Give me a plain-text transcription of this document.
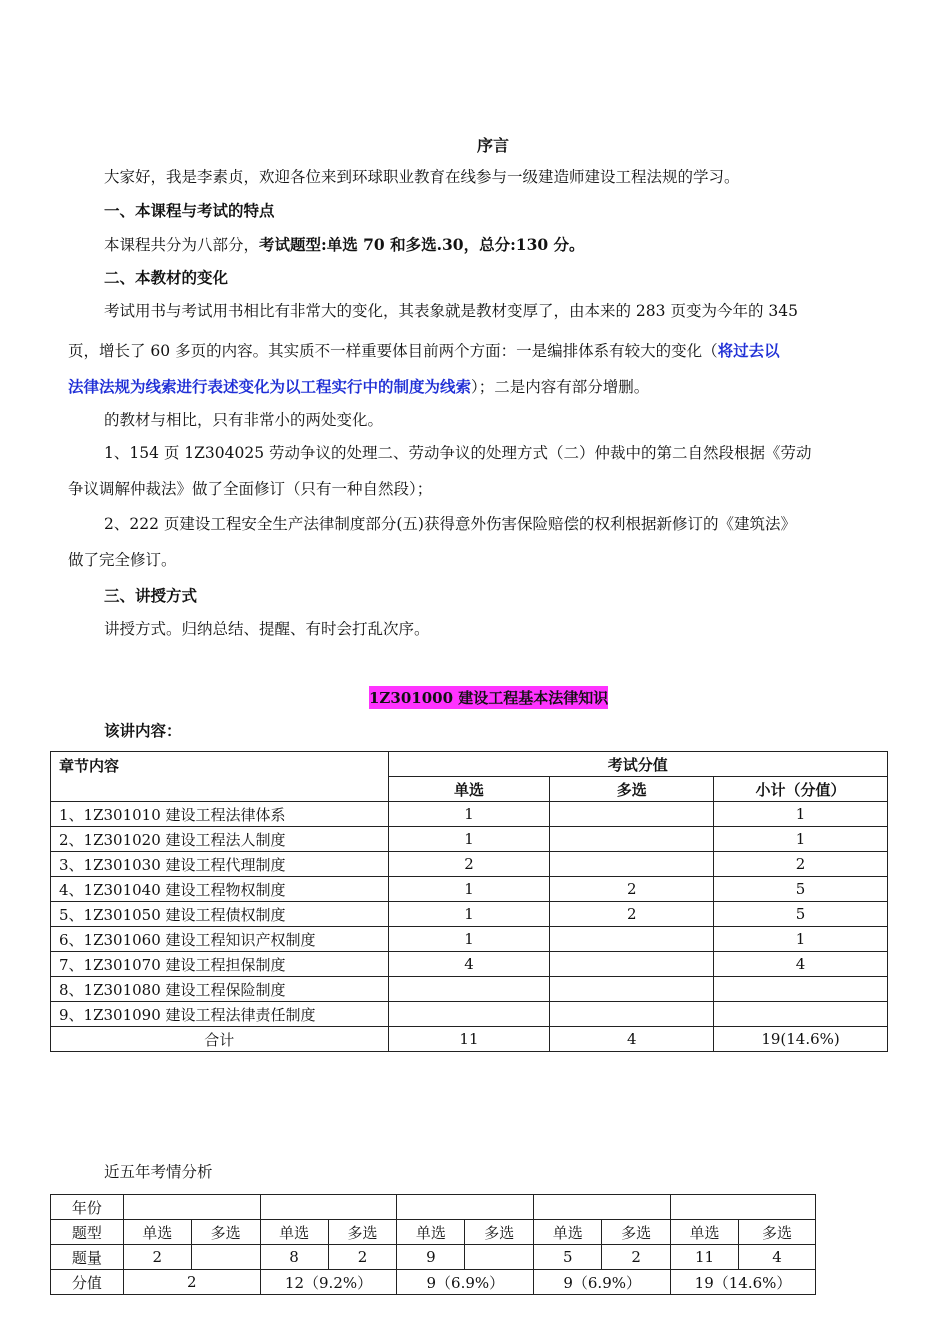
序言
大家好，我是李素贞，欢迎各位来到环球职业教育在线参与一级建造师建设工程法规的学习。
一、本课程与考试的特点
本课程共分为八部分，考试题型:单选 70 和多选.30，总分:130 分。
二、本教材的变化
考试用书与考试用书相比有非常大的变化，其表象就是教材变厚了，由本来的 283 页变为今年的 345
页，增长了 60 多页的内容。其实质不一样重要体目前两个方面：一是编排体系有较大的变化（将过去以
法律法规为线索进行表述变化为以工程实行中的制度为线索）；二是内容有部分增删。
的教材与相比，只有非常小的两处变化。
1、154 页 1Z304025 劳动争议的处理二、劳动争议的处理方式（二）仲裁中的第二自然段根据《劳动
争议调解仲裁法》做了全面修订（只有一种自然段）；
2、222 页建设工程安全生产法律制度部分(五)获得意外伤害保险赔偿的权利根据新修订的《建筑法》
做了完全修订。
三、讲授方式
讲授方式。归纳总结、提醒、有时会打乱次序。
1Z301000 建设工程基本法律知识
该讲内容：
章节内容	考试分值		
	单选	多选	小计（分值）
1、1Z301010 建设工程法律体系	1		1
2、1Z301020 建设工程法人制度	1		1
3、1Z301030 建设工程代理制度	2		2
4、1Z301040 建设工程物权制度	1	2	5
5、1Z301050 建设工程债权制度	1	2	5
6、1Z301060 建设工程知识产权制度	1		1
7、1Z301070 建设工程担保制度	4		4
8、1Z301080 建设工程保险制度			
9、1Z301090 建设工程法律责任制度			
合计	11	4	19(14.6%)
近五年考情分析
年份										
题型	单选	多选	单选	多选	单选	多选	单选	多选	单选	多选
题量	2		8	2	9		5	2	11	4
分值	2		12（9.2%）		9（6.9%）		9（6.9%）		19（14.6%）	
